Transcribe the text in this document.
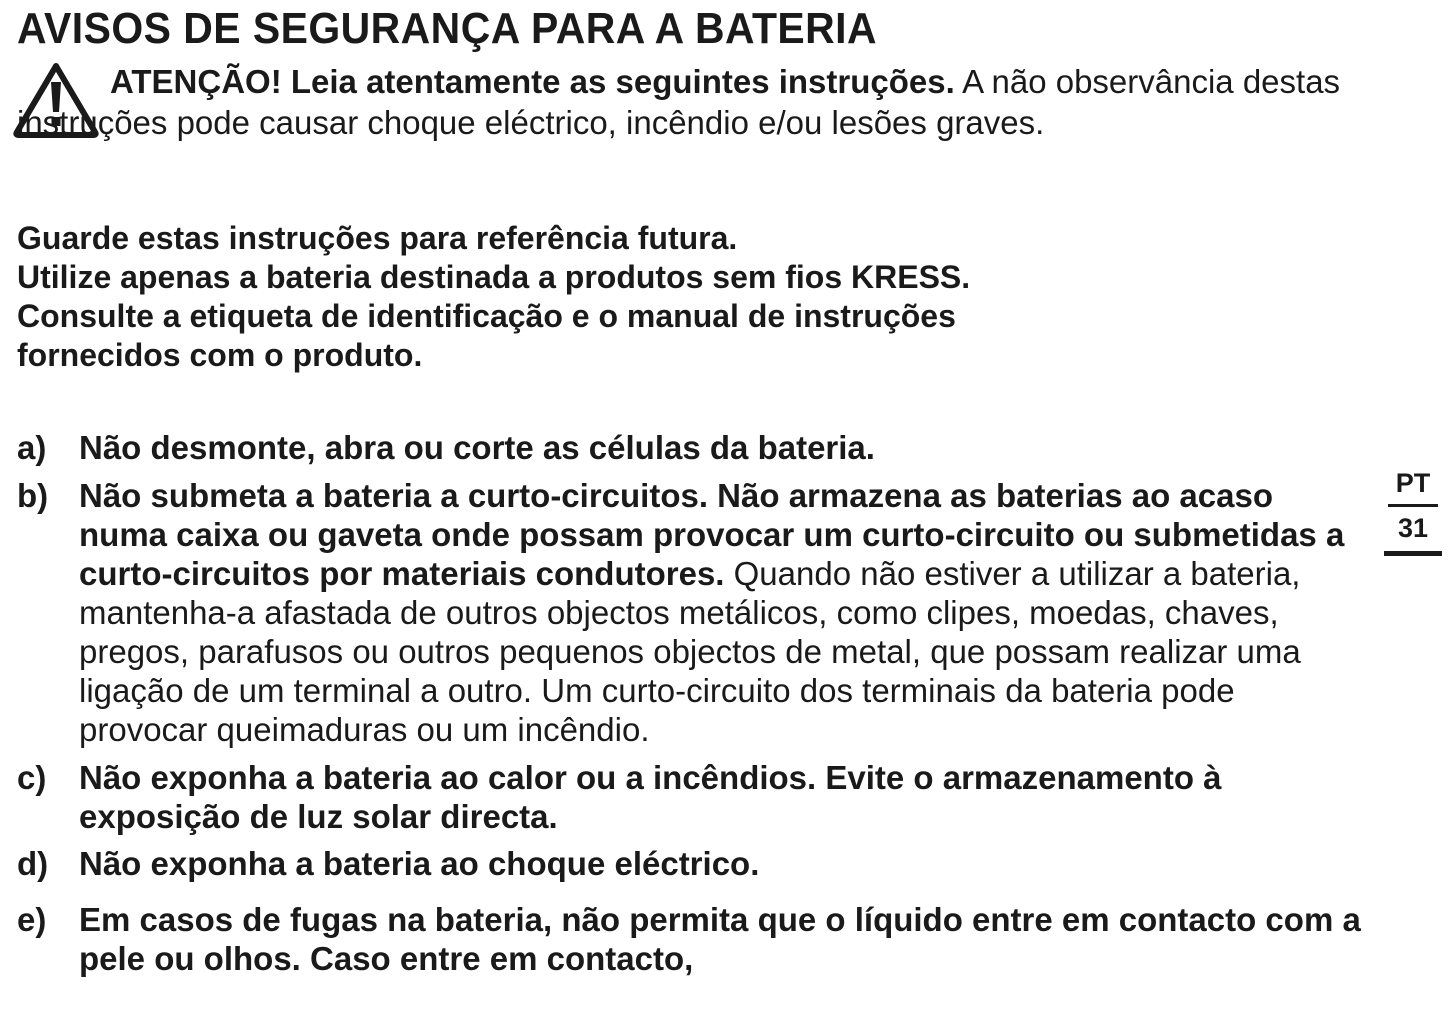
AVISOS DE SEGURANÇA PARA A BATERIA

ATENÇÃO! Leia atentamente as seguintes instruções. A não observância destas instruções pode causar choque eléctrico, incêndio e/ou lesões graves.

Guarde estas instruções para referência futura.
Utilize apenas a bateria destinada a produtos sem fios KRESS.
Consulte a etiqueta de identificação e o manual de instruções
fornecidos com o produto.
a) Não desmonte, abra ou corte as células da bateria.
b) Não submeta a bateria a curto-circuitos. Não armazena as baterias ao acaso numa caixa ou gaveta onde possam provocar um curto-circuito ou submetidas a curto-circuitos por materiais condutores. Quando não estiver a utilizar a bateria, mantenha-a afastada de outros objectos metálicos, como clipes, moedas, chaves, pregos, parafusos ou outros pequenos objectos de metal, que possam realizar uma ligação de um terminal a outro. Um curto-circuito dos terminais da bateria pode provocar queimaduras ou um incêndio.
c) Não exponha a bateria ao calor ou a incêndios. Evite o armazenamento à exposição de luz solar directa.
d) Não exponha a bateria ao choque eléctrico.
e) Em casos de fugas na bateria, não permita que o líquido entre em contacto com a pele ou olhos. Caso entre em contacto,
PT
31
